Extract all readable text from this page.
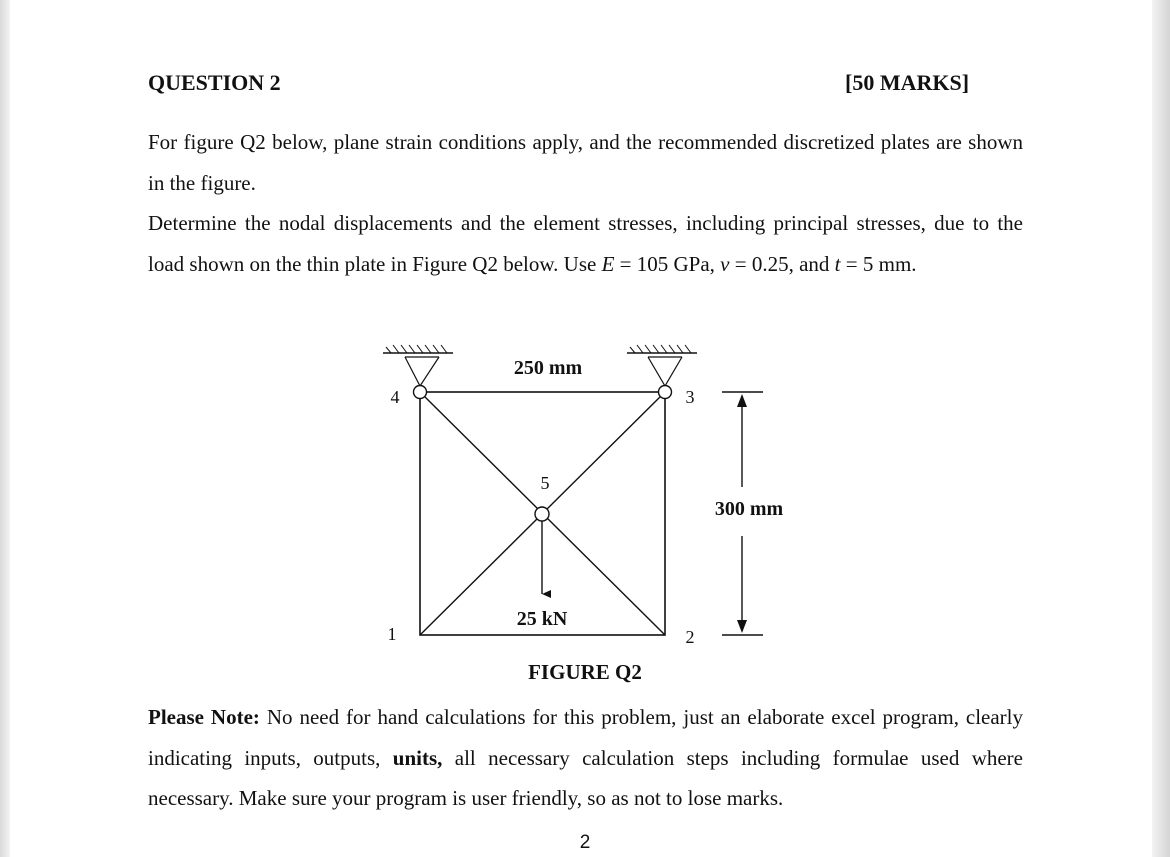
QUESTION 2	[50 MARKS]
For figure Q2 below, plane strain conditions apply, and the recommended discretized plates are shown in the figure.
Determine the nodal displacements and the element stresses, including principal stresses, due to the load shown on the thin plate in Figure Q2 below. Use E = 105 GPa, ν = 0.25, and t = 5 mm.
250 mm
25 kN
300 mm
4	3
5
1	2
FIGURE Q2
Please Note: No need for hand calculations for this problem, just an elaborate excel program, clearly indicating inputs, outputs, units, all necessary calculation steps including formulae used where necessary. Make sure your program is user friendly, so as not to lose marks.
2
